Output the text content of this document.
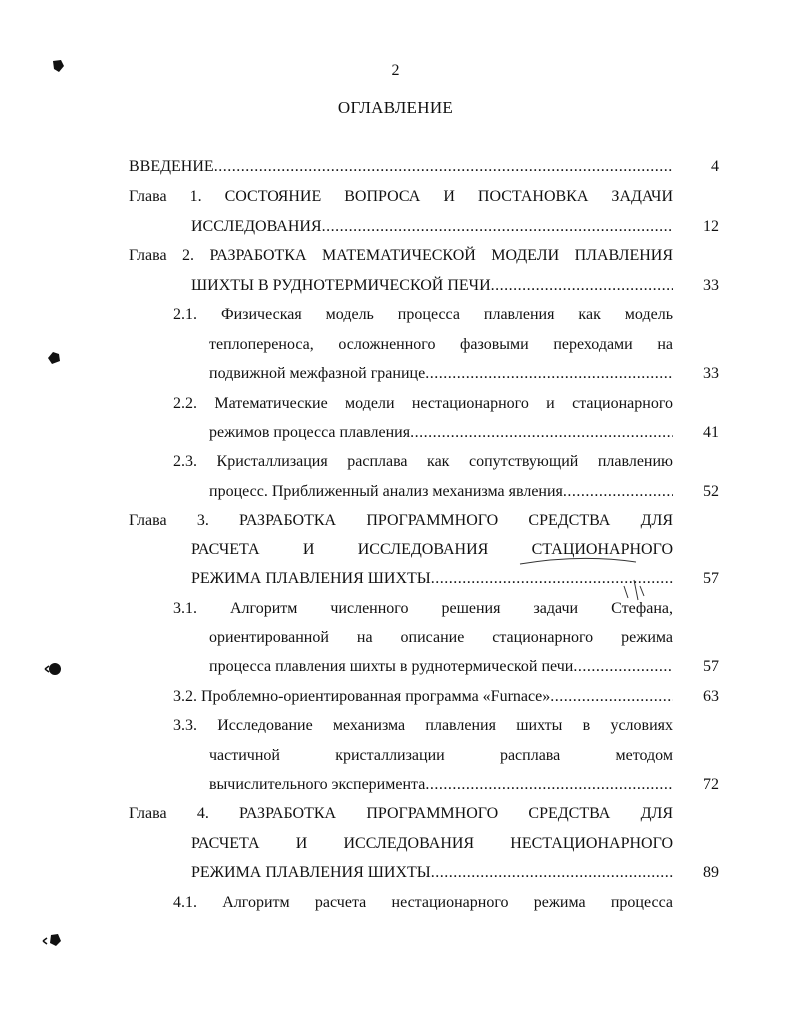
2
ОГЛАВЛЕНИЕ
ВВЕДЕНИЕ .....	4
Глава 1. СОСТОЯНИЕ ВОПРОСА И ПОСТАНОВКА ЗАДАЧИ
ИССЛЕДОВАНИЯ .....	12
Глава 2. РАЗРАБОТКА МАТЕМАТИЧЕСКОЙ МОДЕЛИ ПЛАВЛЕНИЯ
ШИХТЫ В РУДНОТЕРМИЧЕСКОЙ ПЕЧИ .....	33
2.1. Физическая модель процесса плавления как модель
теплопереноса, осложненного фазовыми переходами на
подвижной межфазной границе .....	33
2.2. Математические модели нестационарного и стационарного
режимов процесса плавления .....	41
2.3. Кристаллизация расплава как сопутствующий плавлению
процесс. Приближенный анализ механизма явления .....	52
Глава 3. РАЗРАБОТКА ПРОГРАММНОГО СРЕДСТВА ДЛЯ
РАСЧЕТА И ИССЛЕДОВАНИЯ СТАЦИОНАРНОГО
РЕЖИМА ПЛАВЛЕНИЯ ШИХТЫ .....	57
3.1. Алгоритм численного решения задачи Стефана,
ориентированной на описание стационарного режима
процесса плавления шихты в руднотермической печи .....	57
3.2. Проблемно-ориентированная программа «Furnace» .....	63
3.3. Исследование механизма плавления шихты в условиях
частичной кристаллизации расплава методом
вычислительного эксперимента .....	72
Глава 4. РАЗРАБОТКА ПРОГРАММНОГО СРЕДСТВА ДЛЯ
РАСЧЕТА И ИССЛЕДОВАНИЯ НЕСТАЦИОНАРНОГО
РЕЖИМА ПЛАВЛЕНИЯ ШИХТЫ .....	89
4.1. Алгоритм расчета нестационарного режима процесса
